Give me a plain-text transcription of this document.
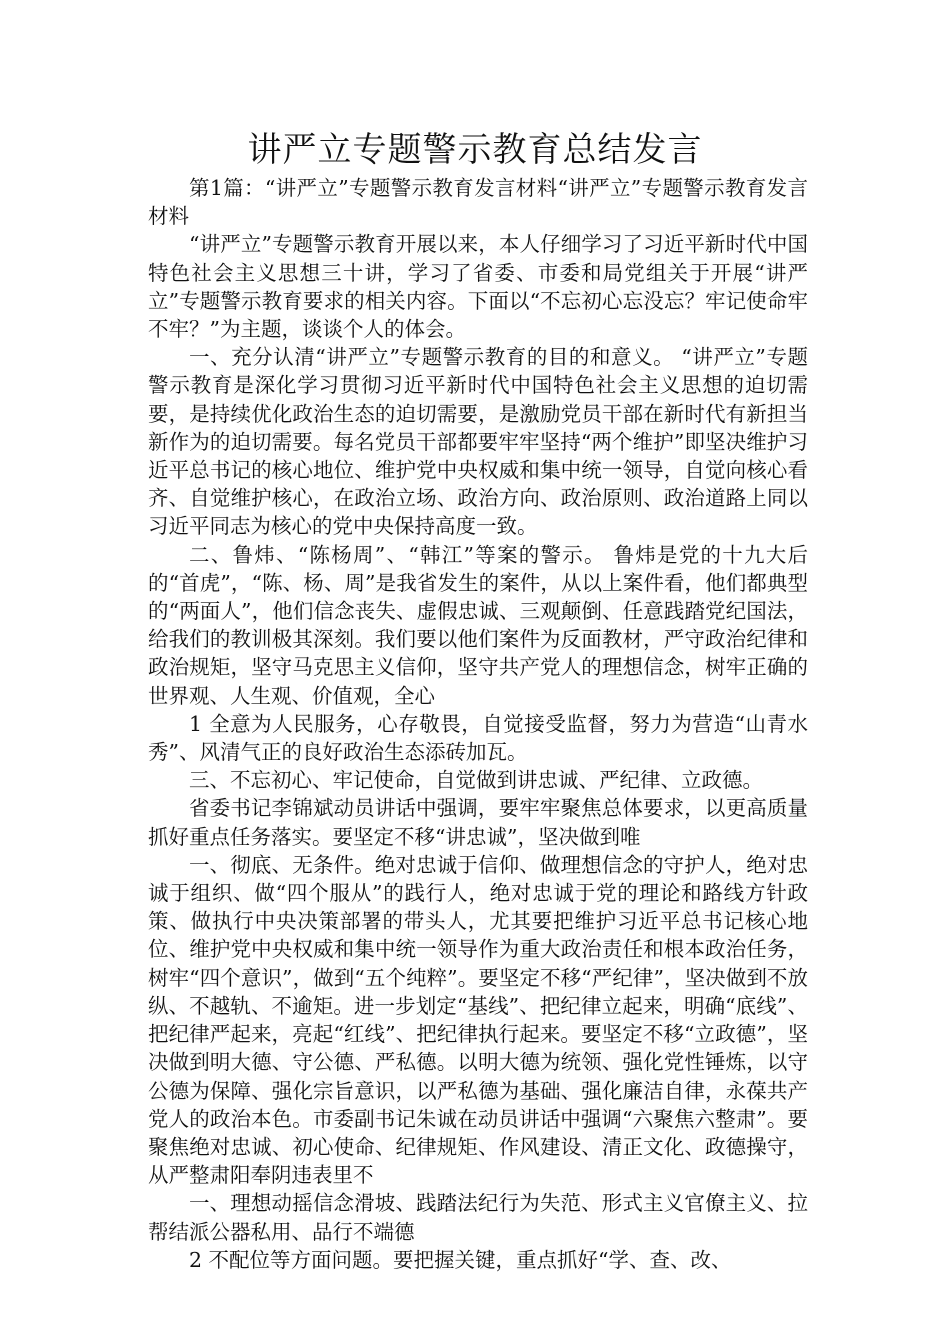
讲严立专题警示教育总结发言

第1篇：“讲严立”专题警示教育发言材料“讲严立”专题警示教育发言材料

“讲严立”专题警示教育开展以来，本人仔细学习了习近平新时代中国特色社会主义思想三十讲，学习了省委、市委和局党组关于开展“讲严立”专题警示教育要求的相关内容。下面以“不忘初心忘没忘？牢记使命牢不牢？”为主题，谈谈个人的体会。

一、充分认清“讲严立”专题警示教育的目的和意义。 “讲严立”专题警示教育是深化学习贯彻习近平新时代中国特色社会主义思想的迫切需要，是持续优化政治生态的迫切需要，是激励党员干部在新时代有新担当新作为的迫切需要。每名党员干部都要牢牢坚持“两个维护”即坚决维护习近平总书记的核心地位、维护党中央权威和集中统一领导，自觉向核心看齐、自觉维护核心，在政治立场、政治方向、政治原则、政治道路上同以习近平同志为核心的党中央保持高度一致。

二、鲁炜、“陈杨周”、“韩江”等案的警示。 鲁炜是党的十九大后的“首虎”，“陈、杨、周”是我省发生的案件，从以上案件看，他们都典型的“两面人”，他们信念丧失、虚假忠诚、三观颠倒、任意践踏党纪国法，给我们的教训极其深刻。我们要以他们案件为反面教材，严守政治纪律和政治规矩，坚守马克思主义信仰，坚守共产党人的理想信念，树牢正确的世界观、人生观、价值观，全心

1 全意为人民服务，心存敬畏，自觉接受监督，努力为营造“山青水秀”、风清气正的良好政治生态添砖加瓦。

三、不忘初心、牢记使命，自觉做到讲忠诚、严纪律、立政德。

省委书记李锦斌动员讲话中强调，要牢牢聚焦总体要求，以更高质量抓好重点任务落实。要坚定不移“讲忠诚”，坚决做到唯

一、彻底、无条件。绝对忠诚于信仰、做理想信念的守护人，绝对忠诚于组织、做“四个服从”的践行人，绝对忠诚于党的理论和路线方针政策、做执行中央决策部署的带头人，尤其要把维护习近平总书记核心地位、维护党中央权威和集中统一领导作为重大政治责任和根本政治任务，树牢“四个意识”，做到“五个纯粹”。要坚定不移“严纪律”，坚决做到不放纵、不越轨、不逾矩。进一步划定“基线”、把纪律立起来，明确“底线”、把纪律严起来，亮起“红线”、把纪律执行起来。要坚定不移“立政德”，坚决做到明大德、守公德、严私德。以明大德为统领、强化党性锤炼，以守公德为保障、强化宗旨意识，以严私德为基础、强化廉洁自律，永葆共产党人的政治本色。市委副书记朱诚在动员讲话中强调“六聚焦六整肃”。要聚焦绝对忠诚、初心使命、纪律规矩、作风建设、清正文化、政德操守，从严整肃阳奉阴违表里不

一、理想动摇信念滑坡、践踏法纪行为失范、形式主义官僚主义、拉帮结派公器私用、品行不端德

2 不配位等方面问题。要把握关键，重点抓好“学、查、改、
